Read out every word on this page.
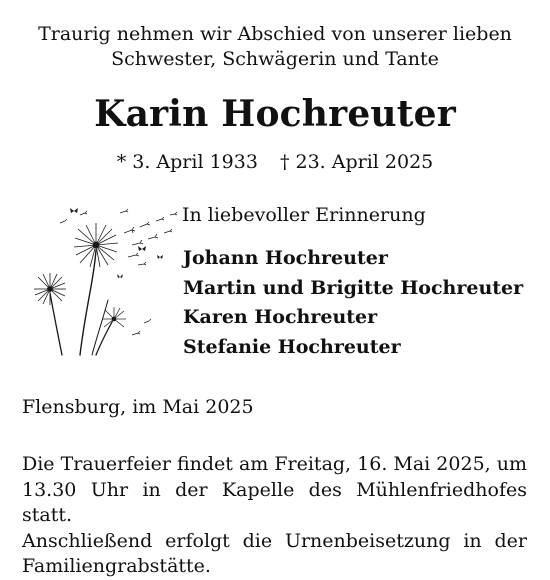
Traurig nehmen wir Abschied von unserer lieben
Schwester, Schwägerin und Tante
Karin Hochreuter
* 3. April 1933 † 23. April 2025
In liebevoller Erinnerung
Johann Hochreuter
Martin und Brigitte Hochreuter
Karen Hochreuter
Stefanie Hochreuter
Flensburg, im Mai 2025
Die Trauerfeier findet am Freitag, 16. Mai 2025, um
13.30 Uhr in der Kapelle des Mühlenfriedhofes statt.
Anschließend erfolgt die Urnenbeisetzung in der
Familiengrabstätte.
